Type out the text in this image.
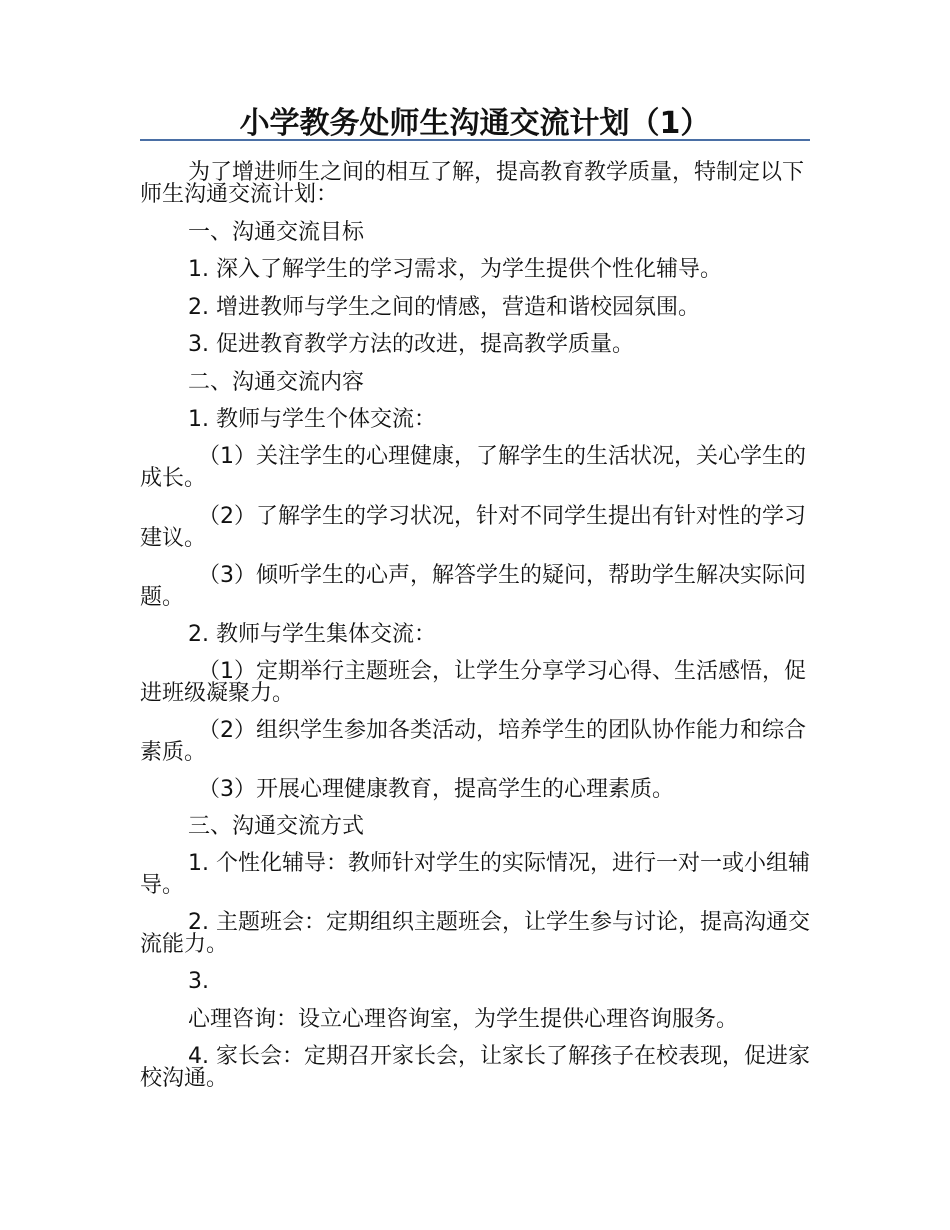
小学教务处师生沟通交流计划（1）

为了增进师生之间的相互了解，提高教育教学质量，特制定以下师生沟通交流计划：

一、沟通交流目标

1. 深入了解学生的学习需求，为学生提供个性化辅导。

2. 增进教师与学生之间的情感，营造和谐校园氛围。

3. 促进教育教学方法的改进，提高教学质量。

二、沟通交流内容

1. 教师与学生个体交流：

（1）关注学生的心理健康，了解学生的生活状况，关心学生的成长。

（2）了解学生的学习状况，针对不同学生提出有针对性的学习建议。

（3）倾听学生的心声，解答学生的疑问，帮助学生解决实际问题。

2. 教师与学生集体交流：

（1）定期举行主题班会，让学生分享学习心得、生活感悟，促进班级凝聚力。

（2）组织学生参加各类活动，培养学生的团队协作能力和综合素质。

（3）开展心理健康教育，提高学生的心理素质。

三、沟通交流方式

1. 个性化辅导：教师针对学生的实际情况，进行一对一或小组辅导。

2. 主题班会：定期组织主题班会，让学生参与讨论，提高沟通交流能力。

3.

心理咨询：设立心理咨询室，为学生提供心理咨询服务。

4. 家长会：定期召开家长会，让家长了解孩子在校表现，促进家校沟通。
